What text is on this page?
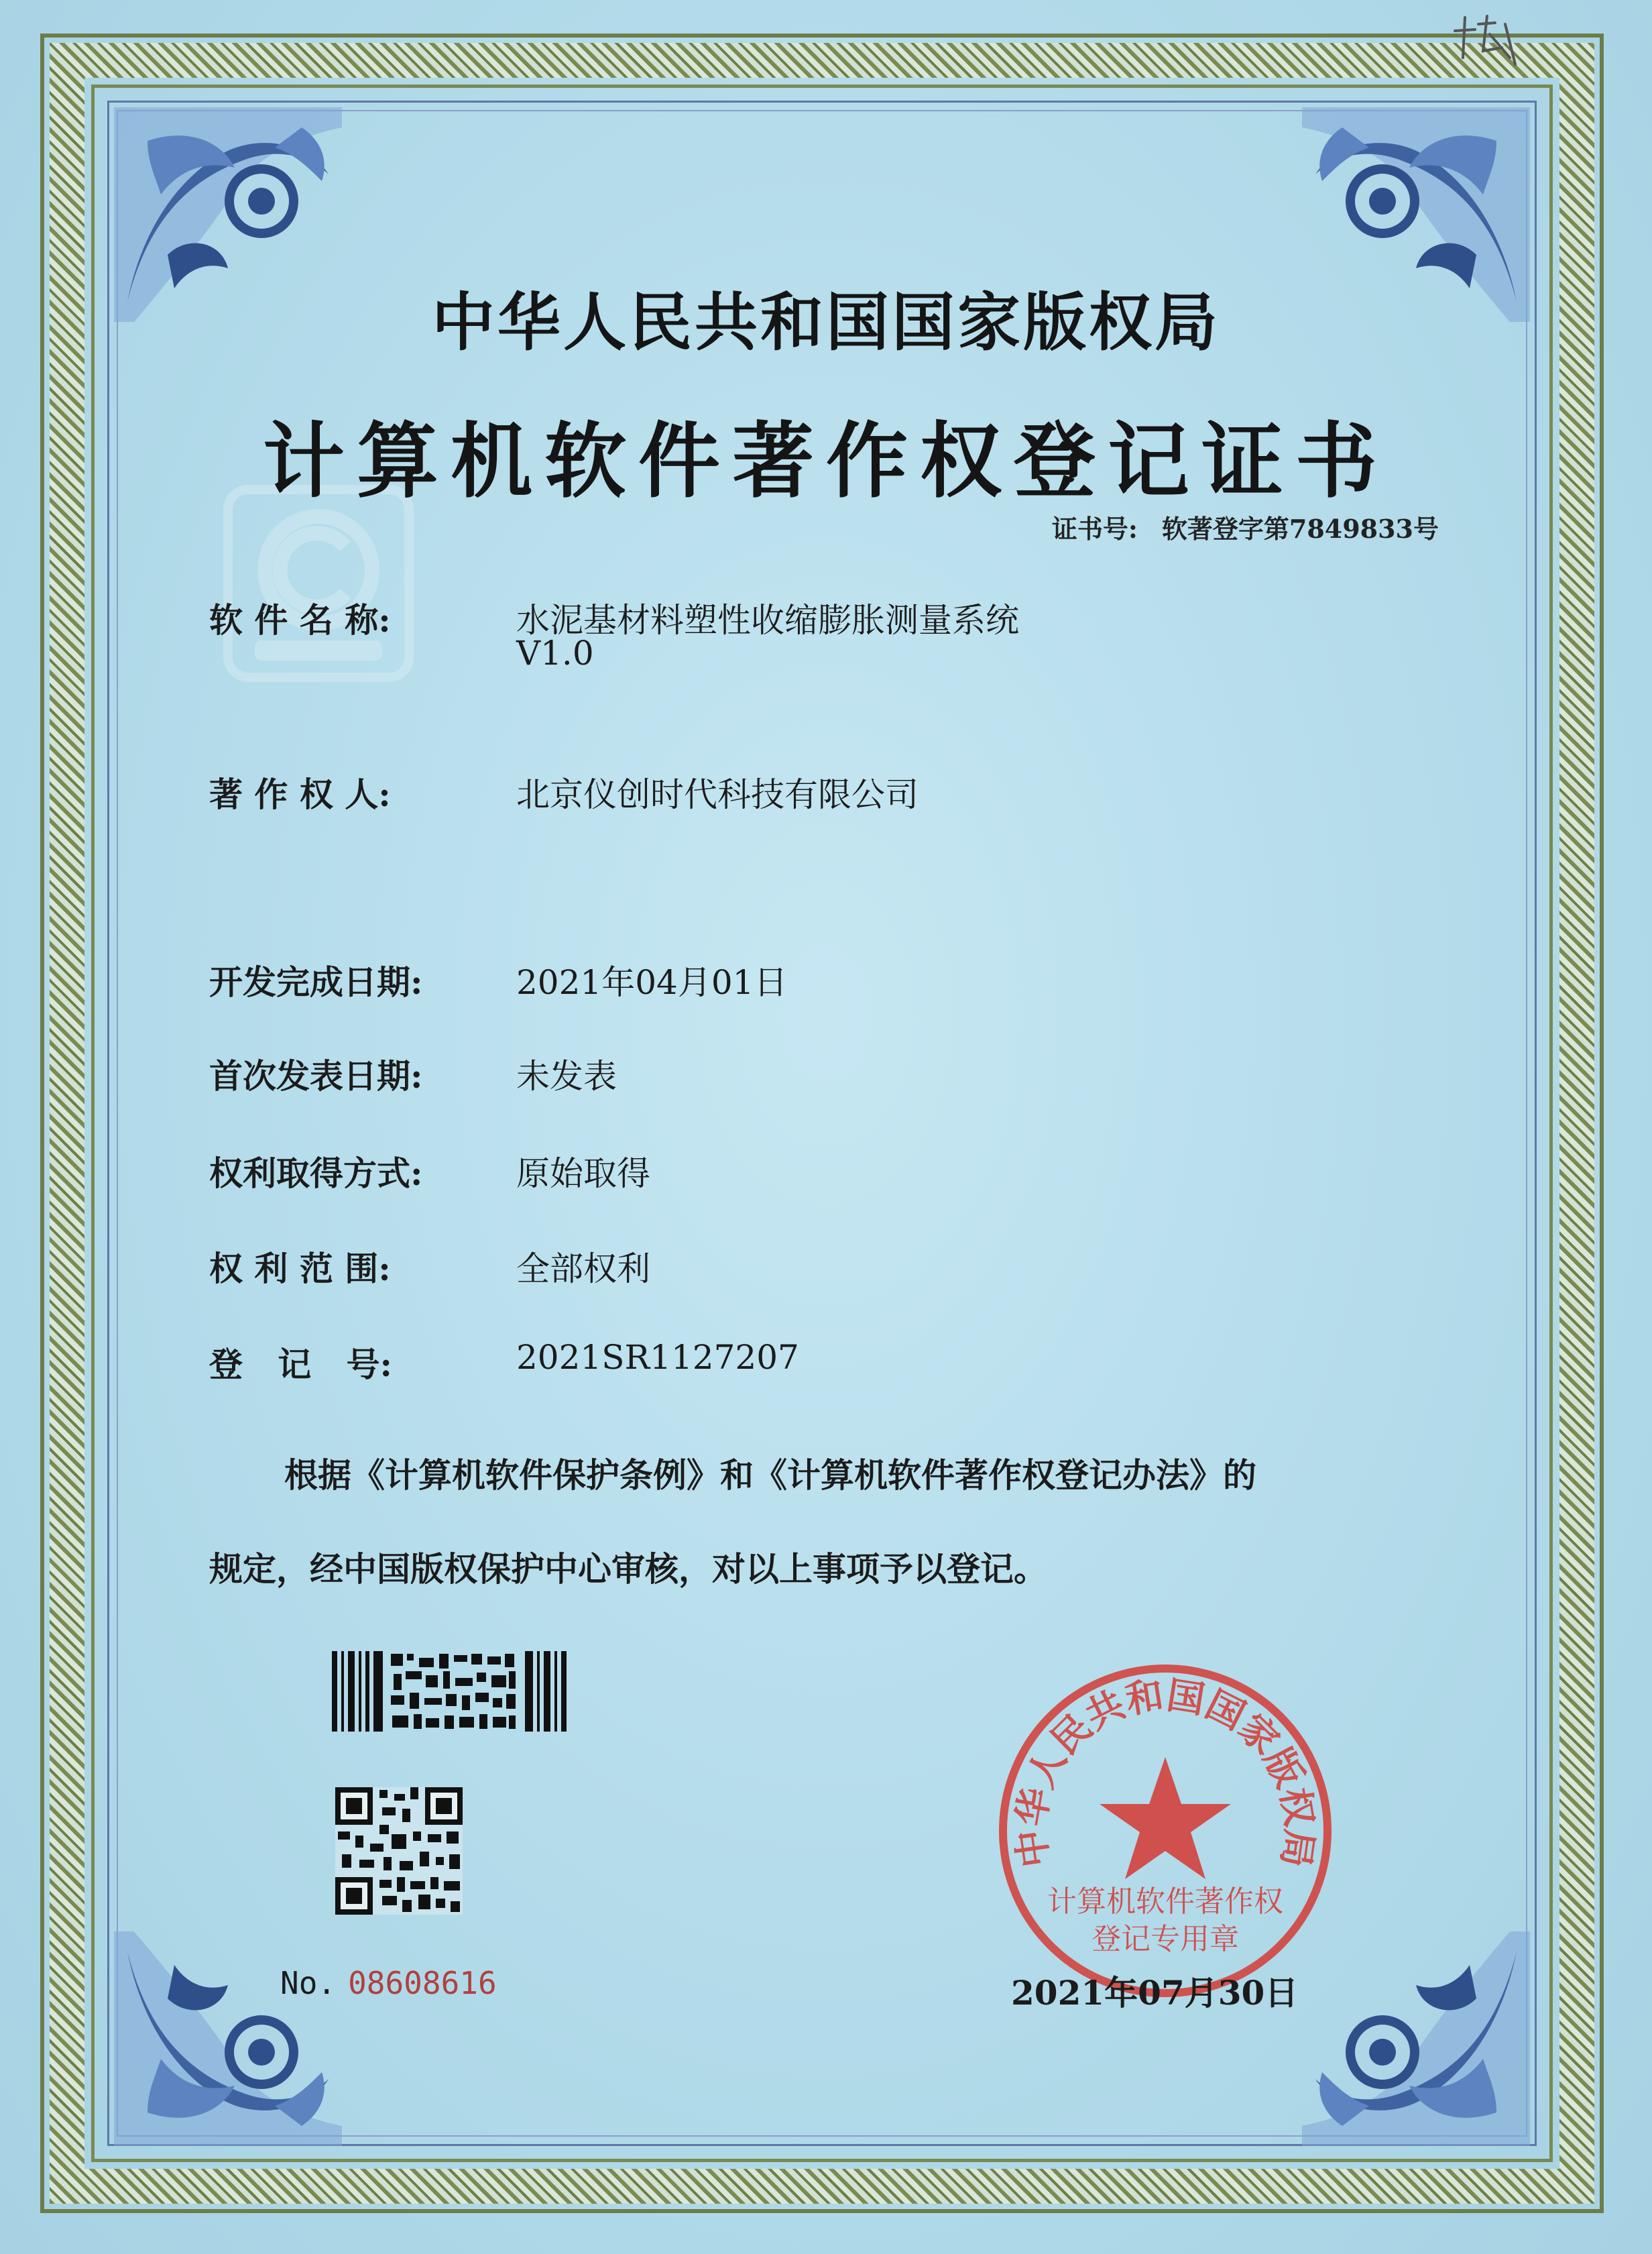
中华人民共和国国家版权局
计算机软件著作权登记证书
证书号: 软著登字第7849833号
软 件 名 称:	水泥基材料塑性收缩膨胀测量系统
V1.0
著 作 权 人:	北京仪创时代科技有限公司
开发完成日期:	2021年04月01日
首次发表日期:	未发表
权利取得方式:	原始取得
权 利 范 围:	全部权利
登   记   号:	2021SR1127207
根据《计算机软件保护条例》和《计算机软件著作权登记办法》的
规定，经中国版权保护中心审核，对以上事项予以登记。
No. 08608616
中华人民共和国国家版权局
计算机软件著作权
登记专用章
2021年07月30日
